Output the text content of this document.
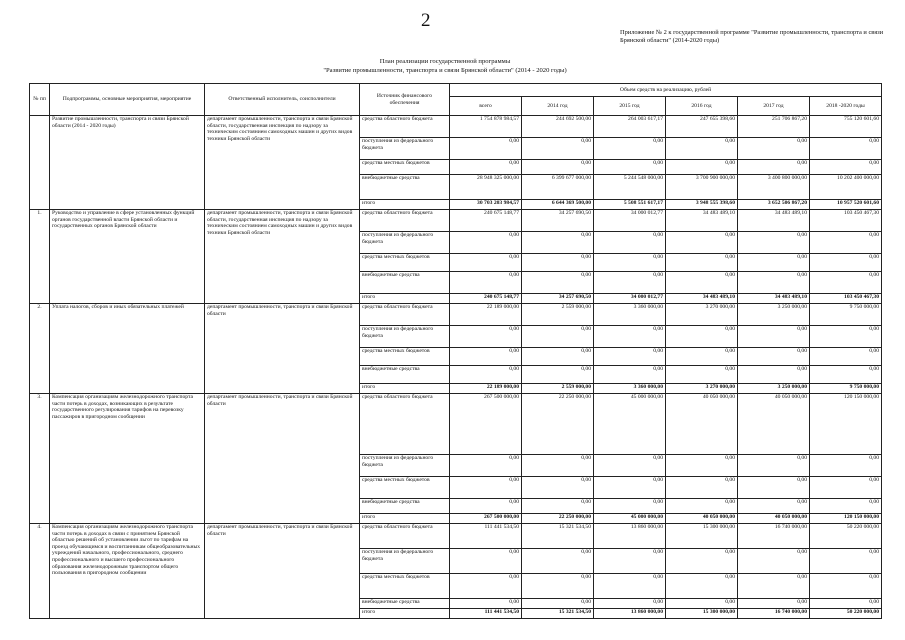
2
Приложение № 2 к государственной программе "Развитие промышленности, транспорта и связи Брянской области" (2014-2020 годы)
План реализации государственной программы
"Развитие промышленности, транспорта и связи Брянской области" (2014 - 2020 годы)
№ пп	Подпрограммы, основные мероприятия, мероприятие	Ответственный исполнитель, соисполнители	Источник финансового обеспечения	Объем средств на реализацию, рублей					
				всего	2014 год	2015 год	2016 год	2017 год	2018 -2020 годы
	Развитие промышленности, транспорта и связи Брянской области (2014 - 2020 годы)	департамент промышленности, транспорта и связи Брянской области, государственная инспекция по надзору за техническим состоянием самоходных машин и других видов техники Брянской области	средства областного бюджета	1 754 878 984,57	244 692 500,00	264 003 617,17	247 655 398,60	251 706 867,20	755 120 601,60
			поступления из федерального бюджета	0,00	0,00	0,00	0,00	0,00	0,00
			средства местных бюджетов	0,00	0,00	0,00	0,00	0,00	0,00
			внебюджетные средства	28 948 325 000,00	6 399 677 000,00	5 244 548 000,00	3 700 900 000,00	3 400 800 000,00	10 202 400 000,00
			итого	30 703 203 984,57	6 644 369 500,00	5 508 551 617,17	3 948 555 398,60	3 652 506 867,20	10 957 520 601,60
1.	Руководство и управление в сфере установленных функций органов государственной власти Брянской области и государственных органов Брянской области	департамент промышленности, транспорта и связи Брянской области, государственная инспекция по надзору за техническим состоянием самоходных машин и других видов техники Брянской области	средства областного бюджета	240 675 148,77	34 257 690,50	34 000 012,77	34 483 489,10	34 483 489,10	103 450 467,30
			поступления из федерального бюджета	0,00	0,00	0,00	0,00	0,00	0,00
			средства местных бюджетов	0,00	0,00	0,00	0,00	0,00	0,00
			внебюджетные средства	0,00	0,00	0,00	0,00	0,00	0,00
			итого	240 675 148,77	34 257 690,50	34 000 012,77	34 483 489,10	34 483 489,10	103 450 467,30
2.	Уплата налогов, сборов и иных обязательных платежей	департамент промышленности, транспорта и связи Брянской области	средства областного бюджета	22 189 000,00	2 559 000,00	3 360 000,00	3 270 000,00	3 250 000,00	9 750 000,00
			поступления из федерального бюджета	0,00	0,00	0,00	0,00	0,00	0,00
			средства местных бюджетов	0,00	0,00	0,00	0,00	0,00	0,00
			внебюджетные средства	0,00	0,00	0,00	0,00	0,00	0,00
			итого	22 189 000,00	2 559 000,00	3 360 000,00	3 270 000,00	3 250 000,00	9 750 000,00
3.	Компенсация организациям железнодорожного транспорта части потерь в доходах, возникающих в результате государственного регулирования тарифов на перевозку пассажиров в пригородном сообщении	департамент промышленности, транспорта и связи Брянской области	средства областного бюджета	267 500 000,00	22 250 000,00	45 000 000,00	40 050 000,00	40 050 000,00	120 150 000,00
			поступления из федерального бюджета	0,00	0,00	0,00	0,00	0,00	0,00
			средства местных бюджетов	0,00	0,00	0,00	0,00	0,00	0,00
			внебюджетные средства	0,00	0,00	0,00	0,00	0,00	0,00
			итого	267 500 000,00	22 250 000,00	45 000 000,00	40 050 000,00	40 050 000,00	120 150 000,00
4.	Компенсация организациям железнодорожного транспорта части потерь в доходах в связи с принятием Брянской областью решений об установлении льгот по тарифам на проезд обучающимся и воспитанникам общеобразовательных учреждений начального, профессионального, среднего профессионального и высшего профессионального образования железнодорожным транспортом общего пользования в пригородном сообщении	департамент промышленности, транспорта и связи Брянской области	средства областного бюджета	111 441 534,50	15 321 534,50	13 860 000,00	15 300 000,00	16 740 000,00	50 220 000,00
			поступления из федерального бюджета	0,00	0,00	0,00	0,00	0,00	0,00
			средства местных бюджетов	0,00	0,00	0,00	0,00	0,00	0,00
			внебюджетные средства	0,00	0,00	0,00	0,00	0,00	0,00
			итого	111 441 534,50	15 321 534,50	13 860 000,00	15 300 000,00	16 740 000,00	50 220 000,00
